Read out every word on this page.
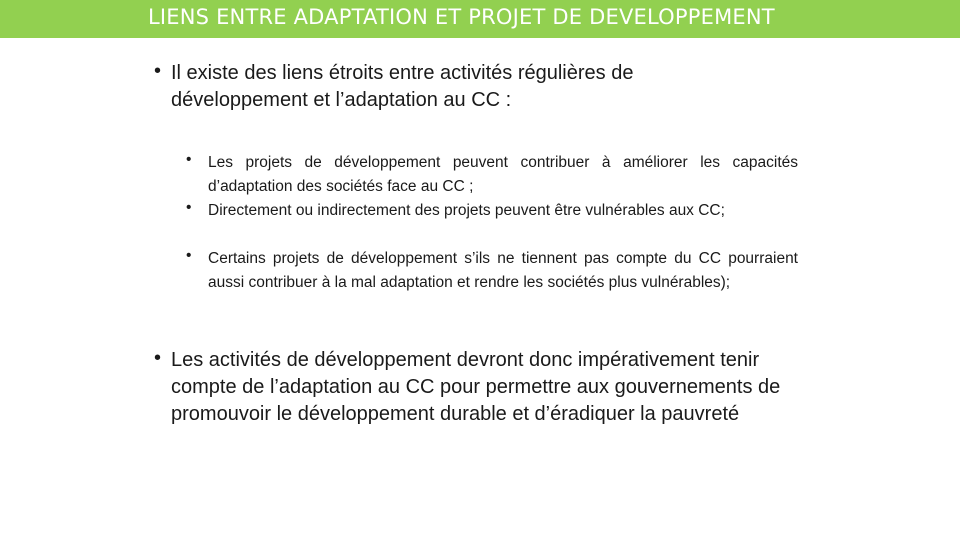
LIENS ENTRE ADAPTATION ET PROJET DE DEVELOPPEMENT
• Il existe des liens étroits entre activités régulières de développement et l’adaptation au CC :
• Les projets de développement peuvent contribuer à améliorer les capacités d’adaptation des sociétés face au CC ;
• Directement ou indirectement des projets peuvent être vulnérables aux CC;
• Certains projets de développement s’ils ne tiennent pas compte du CC pourraient aussi contribuer à la mal adaptation et rendre les sociétés plus vulnérables);
• Les activités de développement devront donc impérativement tenir compte de l’adaptation au CC pour permettre aux gouvernements de promouvoir le développement durable et d’éradiquer la pauvreté
